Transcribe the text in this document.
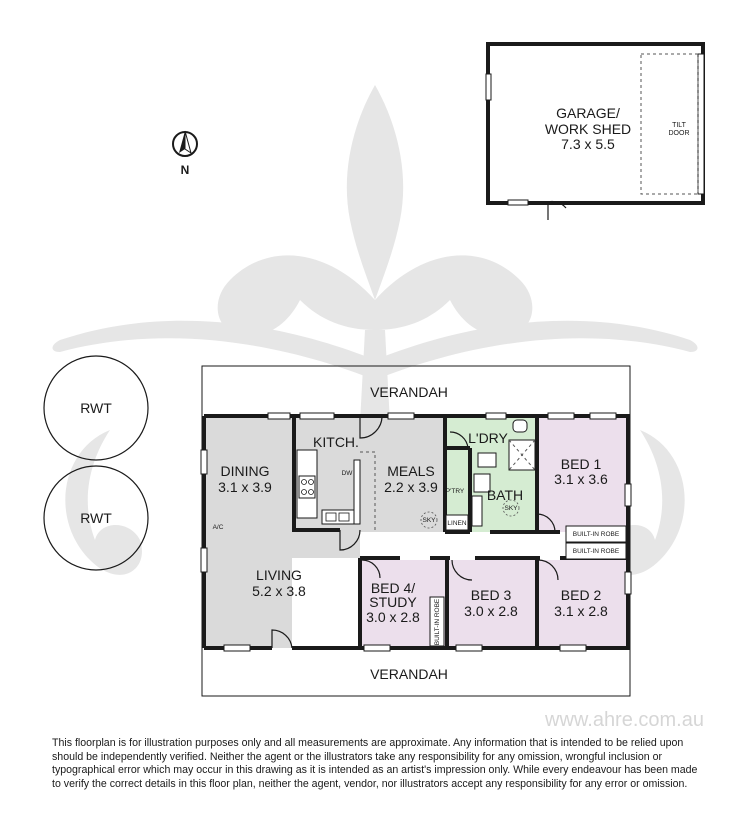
GARAGE/
WORK SHED
7.3 x 5.5
TILT
DOOR
N
RWT
RWT
VERANDAH
VERANDAH
DW
BUILT-IN ROBE
BUILT-IN ROBE
BUILT-IN ROBE
KITCH.
DINING
3.1 x 3.9
MEALS
2.2 x 3.9
L'DRY
BATH
BED 1
3.1 x 3.6
LIVING
5.2 x 3.8	BED 4/
STUDY
3.0 x 2.8
BED 3
3.0 x 2.8
BED 2
3.1 x 2.8
A/C
SKY
SKY
P'TRY
LINEN
www.ahre.com.au
This floorplan is for illustration purposes only and all measurements are approximate. Any information that is intended to be relied upon should be independently verified. Neither the agent or the illustrators take any responsibility for any omission, wrongful inclusion or typographical error which may occur in this drawing as it is intended as an artist's impression only. While every endeavour has been made to verify the correct details in this floor plan, neither the agent, vendor, nor illustrators accept any responsibility for any error or omission.
